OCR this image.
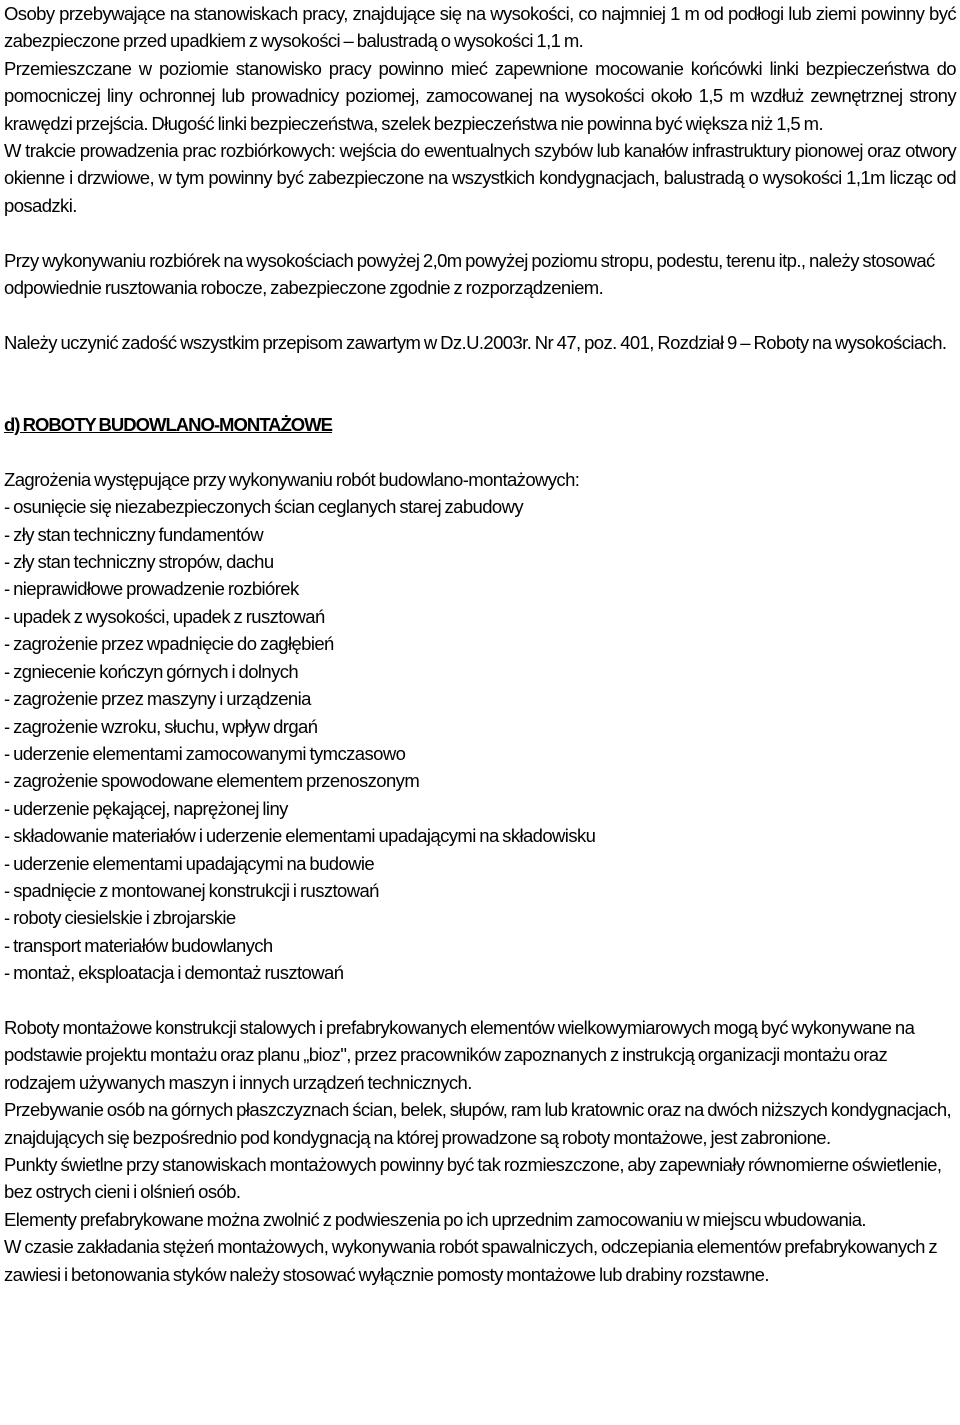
Osoby przebywające na stanowiskach pracy, znajdujące się na wysokości, co najmniej 1 m od podłogi lub ziemi powinny być zabezpieczone przed upadkiem z wysokości – balustradą o wysokości 1,1 m.

Przemieszczane w poziomie stanowisko pracy powinno mieć zapewnione mocowanie końcówki linki bezpieczeństwa do pomocniczej liny ochronnej lub prowadnicy poziomej, zamocowanej na wysokości około 1,5 m wzdłuż zewnętrznej strony krawędzi przejścia. Długość linki bezpieczeństwa, szelek bezpieczeństwa nie powinna być większa niż 1,5 m.

W trakcie prowadzenia prac rozbiórkowych: wejścia do ewentualnych szybów lub kanałów infrastruktury pionowej oraz otwory okienne i drzwiowe, w tym powinny być zabezpieczone na wszystkich kondygnacjach, balustradą o wysokości 1,1m licząc od posadzki.

Przy wykonywaniu rozbiórek na wysokościach powyżej 2,0m powyżej poziomu stropu, podestu, terenu itp., należy stosować odpowiednie rusztowania robocze, zabezpieczone zgodnie z rozporządzeniem.

Należy uczynić zadość wszystkim przepisom zawartym w Dz.U.2003r. Nr 47, poz. 401, Rozdział 9 – Roboty na wysokościach.

d) ROBOTY BUDOWLANO-MONTAŻOWE

Zagrożenia występujące przy wykonywaniu robót budowlano-montażowych:

- osunięcie się niezabezpieczonych ścian ceglanych starej zabudowy
- zły stan techniczny fundamentów
- zły stan techniczny stropów, dachu
- nieprawidłowe prowadzenie rozbiórek
- upadek z wysokości, upadek z rusztowań
- zagrożenie przez wpadnięcie do zagłębień
- zgniecenie kończyn górnych i dolnych
- zagrożenie przez maszyny i urządzenia
- zagrożenie wzroku, słuchu, wpływ drgań
- uderzenie elementami zamocowanymi tymczasowo
- zagrożenie spowodowane elementem przenoszonym
- uderzenie pękającej, naprężonej liny
- składowanie materiałów i uderzenie elementami upadającymi na składowisku
- uderzenie elementami upadającymi na budowie
- spadnięcie z montowanej konstrukcji i rusztowań
- roboty ciesielskie i zbrojarskie
- transport materiałów budowlanych
- montaż, eksploatacja i demontaż rusztowań

Roboty montażowe konstrukcji stalowych i prefabrykowanych elementów wielkowymiarowych mogą być wykonywane na podstawie projektu montażu oraz planu „bioz", przez pracowników zapoznanych z instrukcją organizacji montażu oraz rodzajem używanych maszyn i innych urządzeń technicznych.

Przebywanie osób na górnych płaszczyznach ścian, belek, słupów, ram lub kratownic oraz na dwóch niższych kondygnacjach, znajdujących się bezpośrednio pod kondygnacją na której prowadzone są roboty montażowe, jest zabronione.

Punkty świetlne przy stanowiskach montażowych powinny być tak rozmieszczone, aby zapewniały równomierne oświetlenie, bez ostrych cieni i olśnień osób.

Elementy prefabrykowane można zwolnić z podwieszenia po ich uprzednim zamocowaniu w miejscu wbudowania.

W czasie zakładania stężeń montażowych, wykonywania robót spawalniczych, odczepiania elementów prefabrykowanych z zawiesi i betonowania styków należy stosować wyłącznie pomosty montażowe lub drabiny rozstawne.
